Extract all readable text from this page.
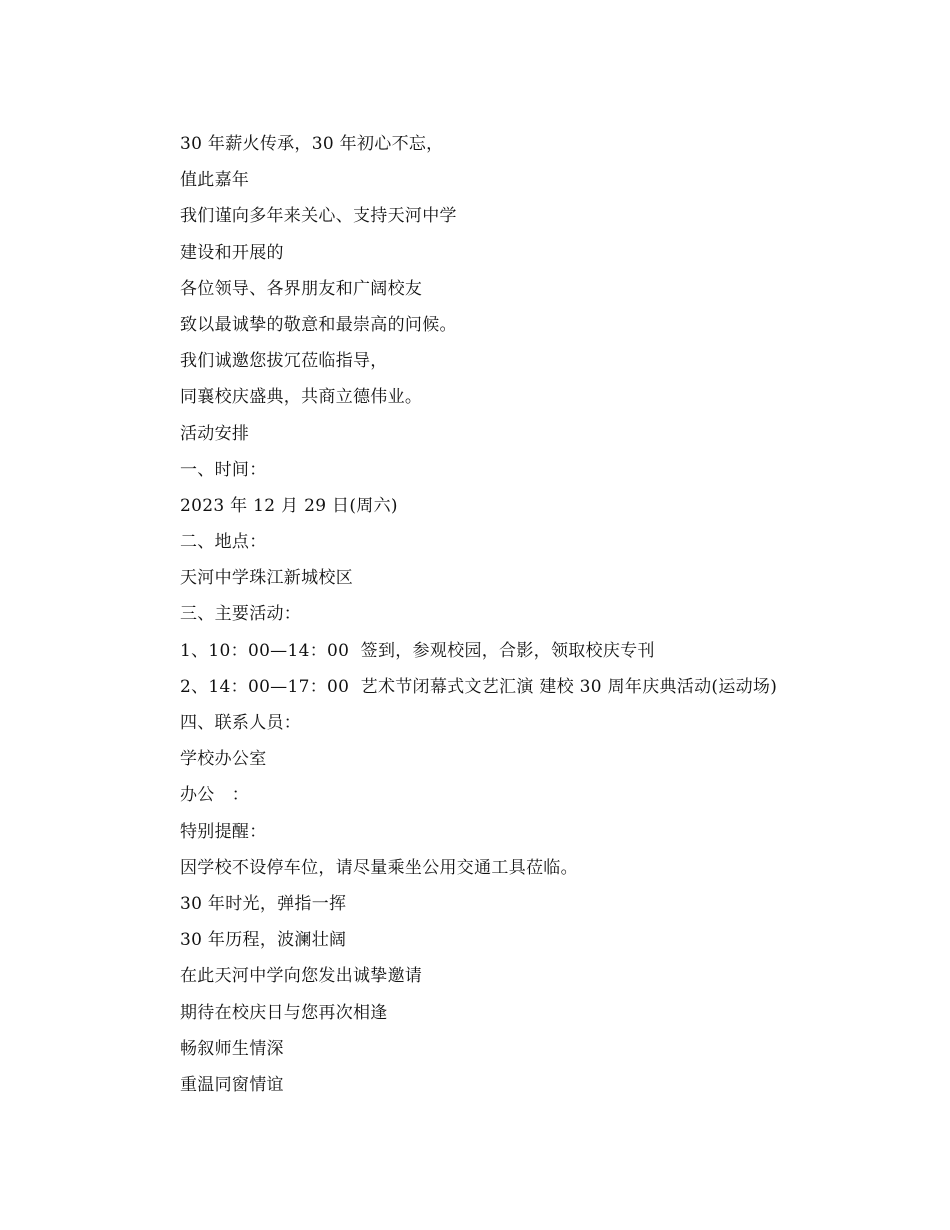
30 年薪火传承，30 年初心不忘，
值此嘉年
我们谨向多年来关心、支持天河中学
建设和开展的
各位领导、各界朋友和广阔校友
致以最诚挚的敬意和最崇高的问候。
我们诚邀您拔冗莅临指导，
同襄校庆盛典，共商立德伟业。
活动安排
一、时间：
2023 年 12 月 29 日(周六)
二、地点：
天河中学珠江新城校区
三、主要活动：
1、10：00—14：00  签到，参观校园，合影，领取校庆专刊
2、14：00—17：00  艺术节闭幕式文艺汇演 建校 30 周年庆典活动(运动场)
四、联系人员：
学校办公室
办公   ：
特别提醒：
因学校不设停车位，请尽量乘坐公用交通工具莅临。
30 年时光，弹指一挥
30 年历程，波澜壮阔
在此天河中学向您发出诚挚邀请
期待在校庆日与您再次相逢
畅叙师生情深
重温同窗情谊
